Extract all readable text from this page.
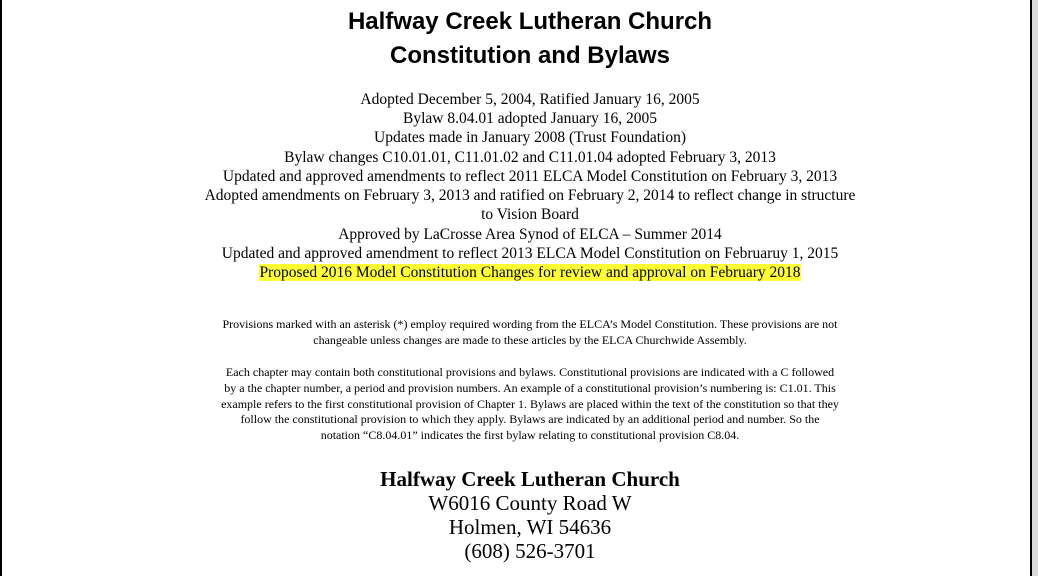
Halfway Creek Lutheran Church
Constitution and Bylaws
Adopted December 5, 2004, Ratified January 16, 2005
Bylaw 8.04.01 adopted January 16, 2005
Updates made in January 2008 (Trust Foundation)
Bylaw changes C10.01.01, C11.01.02 and C11.01.04 adopted February 3, 2013
Updated and approved amendments to reflect 2011 ELCA Model Constitution on February 3, 2013
Adopted amendments on February 3, 2013 and ratified on February 2, 2014 to reflect change in structure
to Vision Board
Approved by LaCrosse Area Synod of ELCA – Summer 2014
Updated and approved amendment to reflect 2013 ELCA Model Constitution on Februaruy 1, 2015
Proposed 2016 Model Constitution Changes for review and approval on February 2018
Provisions marked with an asterisk (*) employ required wording from the ELCA’s Model Constitution. These provisions are not
changeable unless changes are made to these articles by the ELCA Churchwide Assembly.
Each chapter may contain both constitutional provisions and bylaws. Constitutional provisions are indicated with a C followed
by a the chapter number, a period and provision numbers. An example of a constitutional provision’s numbering is: C1.01. This
example refers to the first constitutional provision of Chapter 1. Bylaws are placed within the text of the constitution so that they
follow the constitutional provision to which they apply. Bylaws are indicated by an additional period and number. So the
notation “C8.04.01” indicates the first bylaw relating to constitutional provision C8.04.
Halfway Creek Lutheran Church
W6016 County Road W
Holmen, WI 54636
(608) 526-3701
